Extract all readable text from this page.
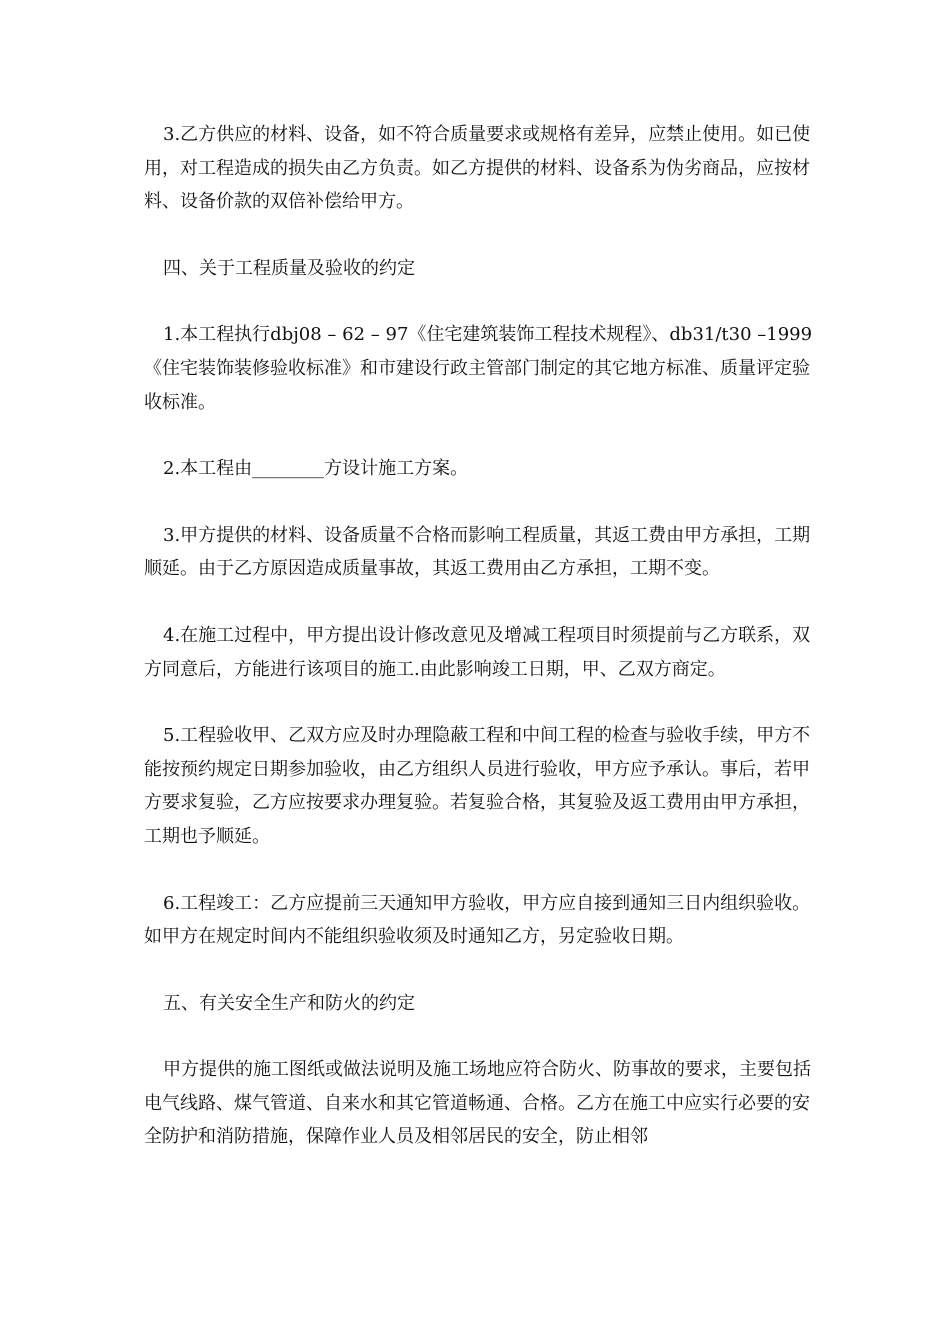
3.乙方供应的材料、设备，如不符合质量要求或规格有差异，应禁止使用。如已使用，对工程造成的损失由乙方负责。如乙方提供的材料、设备系为伪劣商品，应按材料、设备价款的双倍补偿给甲方。

四、关于工程质量及验收的约定

1.本工程执行dbj08 – 62 – 97《住宅建筑装饰工程技术规程》、db31/t30 –1999《住宅装饰装修验收标准》和市建设行政主管部门制定的其它地方标准、质量评定验收标准。

2.本工程由________方设计施工方案。

3.甲方提供的材料、设备质量不合格而影响工程质量，其返工费由甲方承担，工期顺延。由于乙方原因造成质量事故，其返工费用由乙方承担，工期不变。

4.在施工过程中，甲方提出设计修改意见及增减工程项目时须提前与乙方联系，双方同意后，方能进行该项目的施工.由此影响竣工日期，甲、乙双方商定。

5.工程验收甲、乙双方应及时办理隐蔽工程和中间工程的检查与验收手续，甲方不能按预约规定日期参加验收，由乙方组织人员进行验收，甲方应予承认。事后，若甲方要求复验，乙方应按要求办理复验。若复验合格，其复验及返工费用由甲方承担，工期也予顺延。

6.工程竣工：乙方应提前三天通知甲方验收，甲方应自接到通知三日内组织验收。如甲方在规定时间内不能组织验收须及时通知乙方，另定验收日期。

五、有关安全生产和防火的约定

甲方提供的施工图纸或做法说明及施工场地应符合防火、防事故的要求，主要包括电气线路、煤气管道、自来水和其它管道畅通、合格。乙方在施工中应实行必要的安全防护和消防措施，保障作业人员及相邻居民的安全，防止相邻
